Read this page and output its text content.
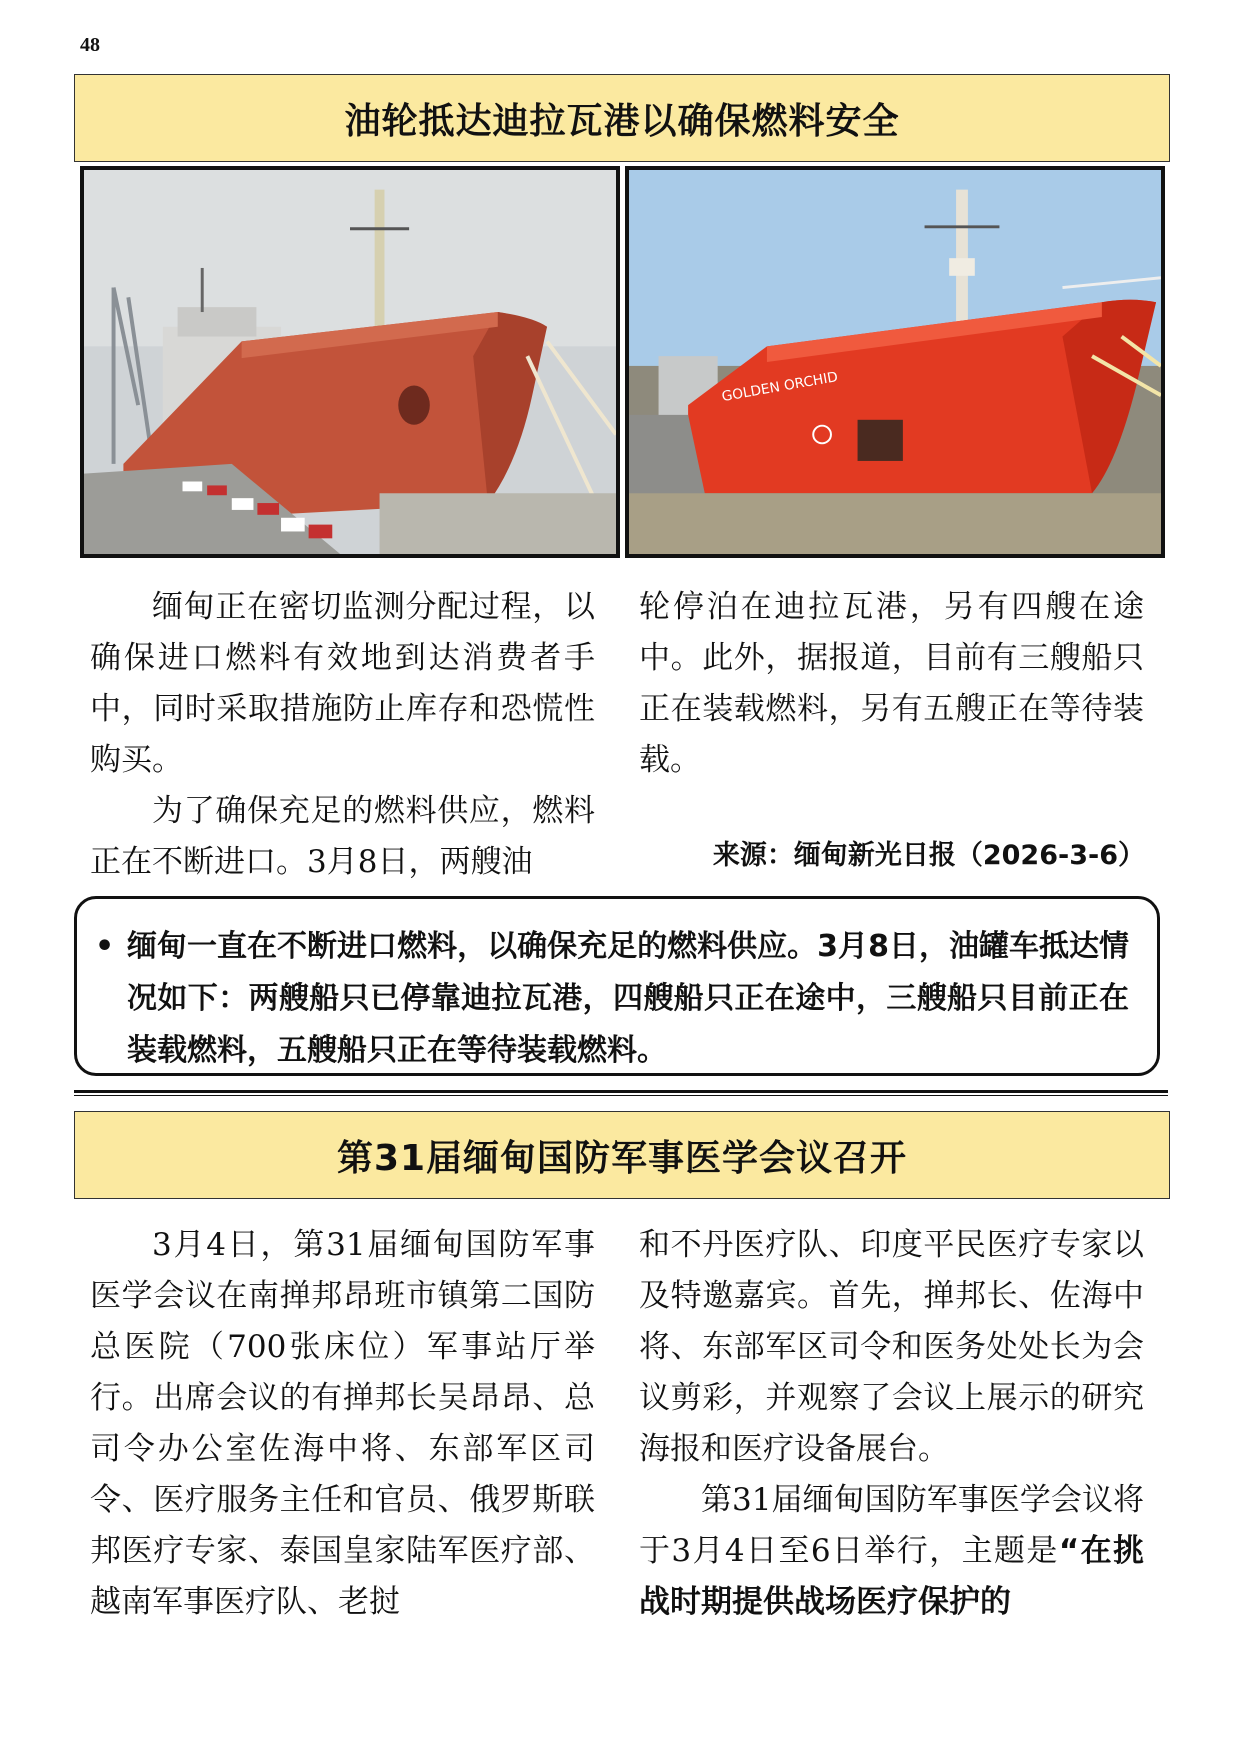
48
油轮抵达迪拉瓦港以确保燃料安全
GOLDEN ORCHID

缅甸正在密切监测分配过程，以确保进口燃料有效地到达消费者手中，同时采取措施防止库存和恐慌性购买。

为了确保充足的燃料供应，燃料正在不断进口。3月8日，两艘油

轮停泊在迪拉瓦港，另有四艘在途中。此外，据报道，目前有三艘船只正在装载燃料，另有五艘正在等待装载。

来源：缅甸新光日报（2026-3-6）
• 缅甸一直在不断进口燃料，以确保充足的燃料供应。3月8日，油罐车抵达情况如下：两艘船只已停靠迪拉瓦港，四艘船只正在途中，三艘船只目前正在装载燃料，五艘船只正在等待装载燃料。
第31届缅甸国防军事医学会议召开

3月4日，第31届缅甸国防军事医学会议在南掸邦昂班市镇第二国防总医院（700张床位）军事站厅举行。出席会议的有掸邦长吴昂昂、总司令办公室佐海中将、东部军区司令、医疗服务主任和官员、俄罗斯联邦医疗专家、泰国皇家陆军医疗部、越南军事医疗队、老挝

和不丹医疗队、印度平民医疗专家以及特邀嘉宾。首先，掸邦长、佐海中将、东部军区司令和医务处处长为会议剪彩，并观察了会议上展示的研究海报和医疗设备展台。

第31届缅甸国防军事医学会议将于3月4日至6日举行，主题是“在挑战时期提供战场医疗保护的
